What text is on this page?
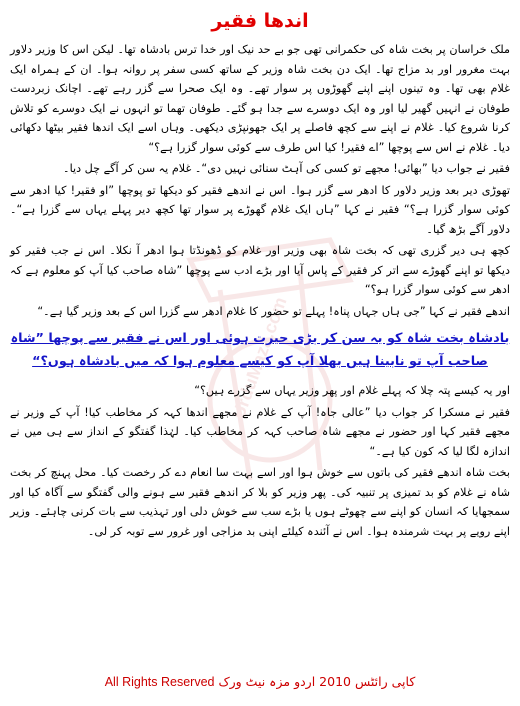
UrduMaza.com
اندھا فقیر

ملک خراسان پر بخت شاہ کی حکمرانی تھی جو بے حد نیک اور خدا ترس بادشاہ تھا۔ لیکن اس کا وزیر دلاور بہت مغرور اور بد مزاج تھا۔ ایک دن بخت شاہ وزیر کے ساتھ کسی سفر پر روانہ ہوا۔ ان کے ہمراہ ایک غلام بھی تھا۔ وہ تینوں اپنے اپنے گھوڑوں پر سوار تھے۔ وہ ایک صحرا سے گزر رہے تھے۔ اچانک زبردست طوفان نے انہیں گھیر لیا اور وہ ایک دوسرے سے جدا ہو گئے۔ طوفان تھما تو انہوں نے ایک دوسرے کو تلاش کرنا شروع کیا۔ غلام نے اپنے سے کچھ فاصلے پر ایک جھونپڑی دیکھی۔ وہاں اسے ایک اندھا فقیر بیٹھا دکھائی دیا۔ غلام نے اس سے پوچھا ”اے فقیر! کیا اس طرف سے کوئی سوار گزرا ہے؟“

فقیر نے جواب دیا ”بھائی! مجھے تو کسی کی آہٹ سنائی نہیں دی“۔ غلام یہ سن کر آگے چل دیا۔

تھوڑی دیر بعد وزیر دلاور کا ادھر سے گزر ہوا۔ اس نے اندھے فقیر کو دیکھا تو پوچھا ”او فقیر! کیا ادھر سے کوئی سوار گزرا ہے؟“ فقیر نے کہا ”ہاں ایک غلام گھوڑے پر سوار تھا کچھ دیر پہلے یہاں سے گزرا ہے“۔ دلاور آگے بڑھ گیا۔

کچھ ہی دیر گزری تھی کہ بخت شاہ بھی وزیر اور غلام کو ڈھونڈتا ہوا ادھر آ نکلا۔ اس نے جب فقیر کو دیکھا تو اپنے گھوڑے سے اتر کر فقیر کے پاس آیا اور بڑے ادب سے پوچھا ”شاہ صاحب کیا آپ کو معلوم ہے کہ ادھر سے کوئی سوار گزرا ہو؟“

اندھے فقیر نے کہا ”جی ہاں جہاں پناہ! پہلے تو حضور کا غلام ادھر سے گزرا اس کے بعد وزیر گیا ہے۔“

بادشاہ بخت شاہ کو یہ سن کر بڑی حیرت ہوئی اور اس نے فقیر سے پوچھا ”شاہ صاحب آپ تو نابینا ہیں بھلا آپ کو کیسے معلوم ہوا کہ میں بادشاہ ہوں؟“

اور یہ کیسے پتہ چلا کہ پہلے غلام اور پھر وزیر یہاں سے گزرے ہیں؟“

فقیر نے مسکرا کر جواب دیا ”عالی جاہ! آپ کے غلام نے مجھے اندھا کہہ کر مخاطب کیا! آپ کے وزیر نے مجھے فقیر کہا اور حضور نے مجھے شاہ صاحب کہہ کر مخاطب کیا۔ لہٰذا گفتگو کے انداز سے ہی میں نے اندازہ لگا لیا کہ کون کیا ہے۔“

بخت شاہ اندھے فقیر کی باتوں سے خوش ہوا اور اسے بہت سا انعام دے کر رخصت کیا۔ محل پہنچ کر بخت شاہ نے غلام کو بد تمیزی پر تنبیہ کی۔ پھر وزیر کو بلا کر اندھے فقیر سے ہونے والی گفتگو سے آگاہ کیا اور سمجھایا کہ انسان کو اپنے سے چھوٹے ہوں یا بڑے سب سے خوش دلی اور تہذیب سے بات کرنی چاہئے۔ وزیر اپنے رویے پر بہت شرمندہ ہوا۔ اس نے آئندہ کیلئے اپنی بد مزاجی اور غرور سے توبہ کر لی۔

All Rights Reserved کاپی رائٹس 2010 اردو مزہ نیٹ ورک
